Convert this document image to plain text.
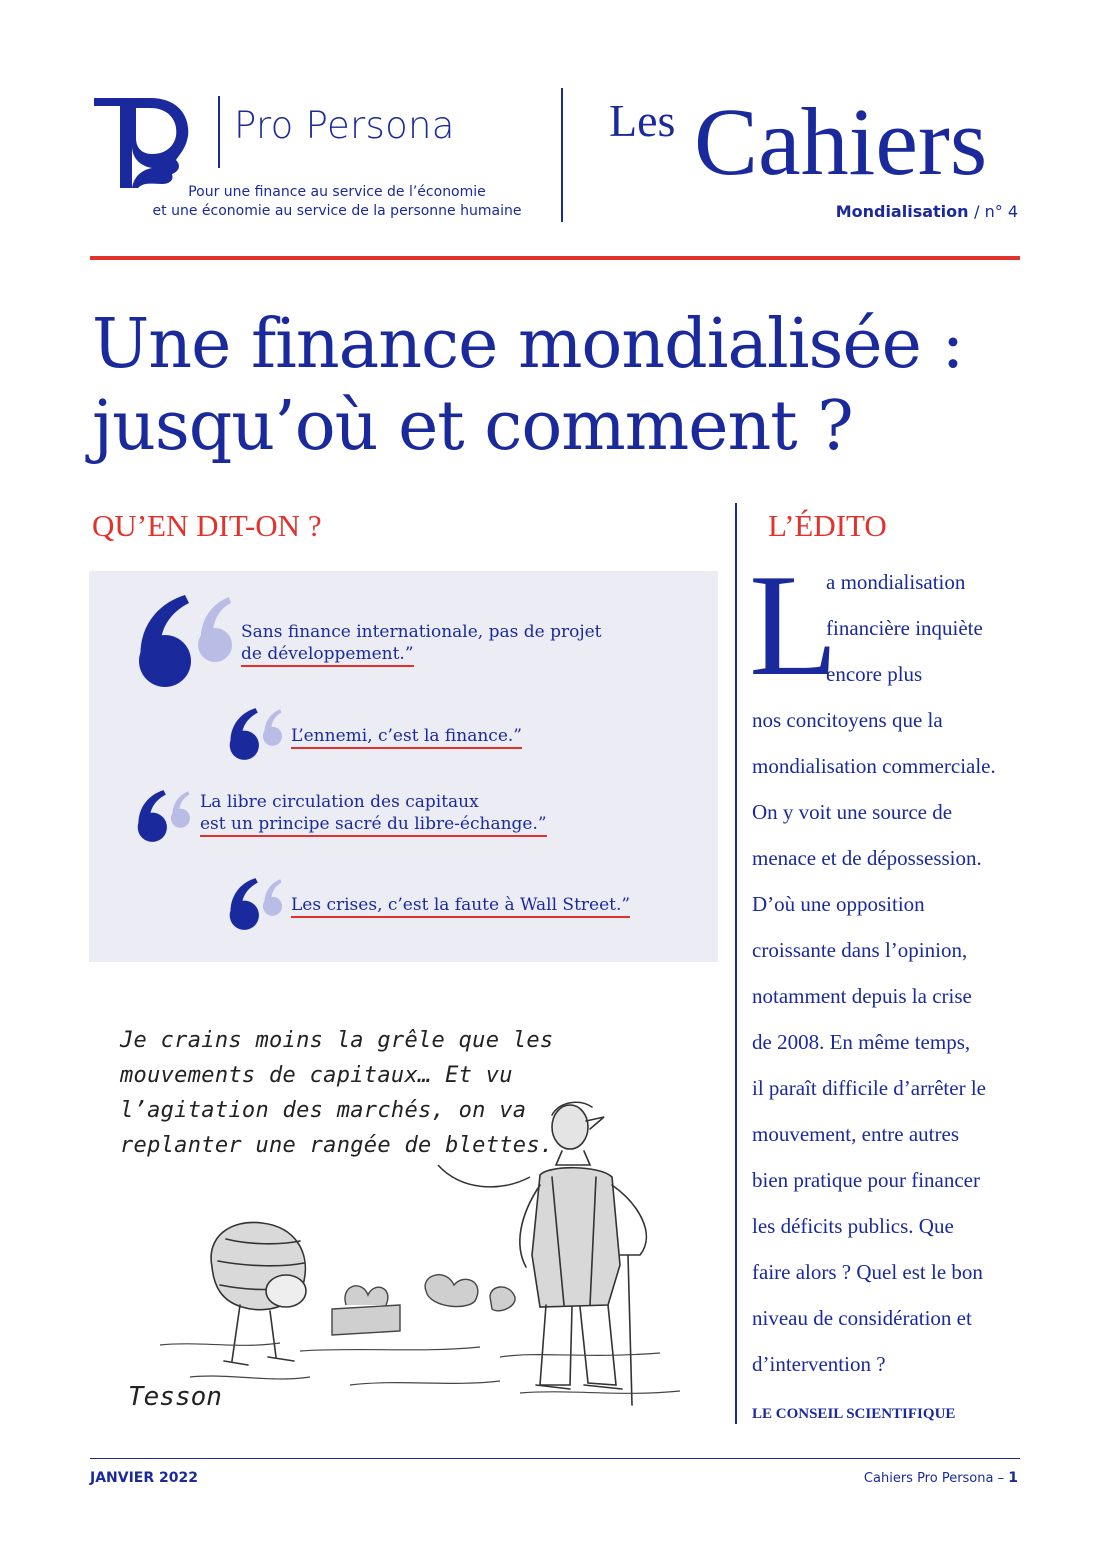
Pro Persona
Pour une finance au service de l’économie
et une économie au service de la personne humaine
Les Cahiers
Mondialisation / n° 4
Une finance mondialisée :
jusqu’où et comment ?
QU’EN DIT-ON ?	L’ÉDITO
Sans finance internationale, pas de projet
de développement.”
L’ennemi, c’est la finance.”
La libre circulation des capitaux
est un principe sacré du libre-échange.”
Les crises, c’est la faute à Wall Street.”
Je crains moins la grêle que les
mouvements de capitaux… Et vu
l’agitation des marchés, on va
replanter une rangée de blettes.
Tesson
L
a mondialisation
financière inquiète
encore plus
nos concitoyens que la
mondialisation commerciale.
On y voit une source de
menace et de dépossession.
D’où une opposition
croissante dans l’opinion,
notamment depuis la crise
de 2008. En même temps,
il paraît difficile d’arrêter le
mouvement, entre autres
bien pratique pour financer
les déficits publics. Que
faire alors ? Quel est le bon
niveau de considération et
d’intervention ?
LE CONSEIL SCIENTIFIQUE
JANVIER 2022	Cahiers Pro Persona – 1
